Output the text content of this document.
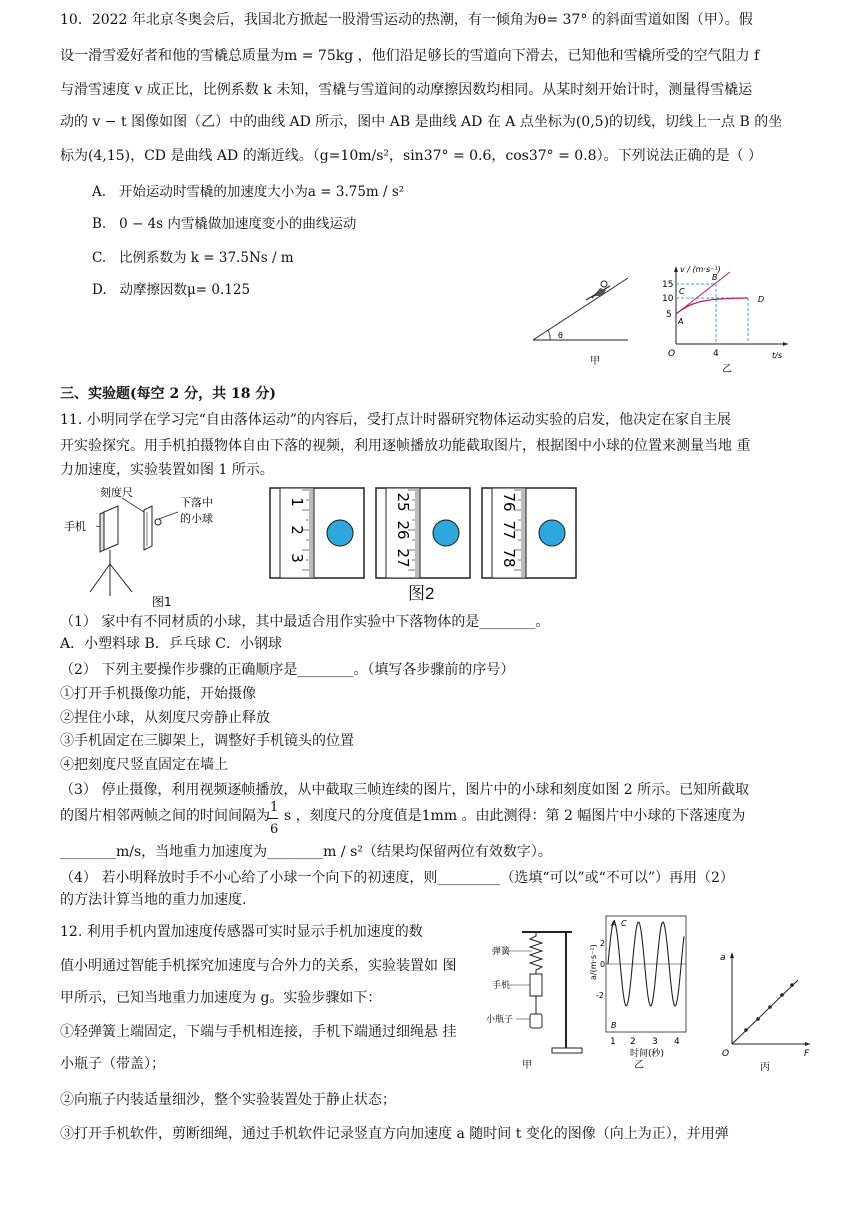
10．2022 年北京冬奥会后，我国北方掀起一股滑雪运动的热潮，有一倾角为θ= 37° 的斜面雪道如图（甲）。假
设一滑雪爱好者和他的雪橇总质量为m = 75kg ，他们沿足够长的雪道向下滑去，已知他和雪橇所受的空气阻力 f
与滑雪速度 v 成正比，比例系数 k 未知，雪橇与雪道间的动摩擦因数均相同。从某时刻开始计时，测量得雪橇运
动的 v − t 图像如图（乙）中的曲线 AD 所示，图中 AB 是曲线 AD 在 A 点坐标为(0,5)的切线，切线上一点 B 的坐
标为(4,15)，CD 是曲线 AD 的渐近线。（g=10m/s²，sin37° = 0.6，cos37° = 0.8）。下列说法正确的是（ ）
A. 开始运动时雪橇的加速度大小为a = 3.75m / s²
B. 0 − 4s 内雪橇做加速度变小的曲线运动
C. 比例系数为 k = 37.5Ns / m
D. 动摩擦因数μ= 0.125
θ
甲
15
10
5
4
O
v / (m·s⁻¹)
t/s
A
B
C
D
乙
三、实验题(每空 2 分，共 18 分)
11. 小明同学在学习完“自由落体运动”的内容后，受打点计时器研究物体运动实验的启发，他决定在家自主展
开实验探究。用手机拍摄物体自由下落的视频，利用逐帧播放功能截取图片，根据图中小球的位置来测量当地 重
力加速度，实验装置如图 1 所示。
刻度尺
下落中
的小球
手机
图1
1
2
3
25
26
27
76
77
78
图2
（1） 家中有不同材质的小球，其中最适合用作实验中下落物体的是________。
A．小塑料球 B．乒乓球 C．小钢球
（2） 下列主要操作步骤的正确顺序是________。（填写各步骤前的序号）
①打开手机摄像功能，开始摄像
②捏住小球，从刻度尺旁静止释放
③手机固定在三脚架上，调整好手机镜头的位置
④把刻度尺竖直固定在墙上
（3） 停止摄像，利用视频逐帧播放，从中截取三帧连续的图片，图片中的小球和刻度如图 2 所示。已知所截取
的图片相邻两帧之间的时间间隔为
1
6
s ，刻度尺的分度值是1mm 。由此测得：第 2 幅图片中小球的下落速度为
________m/s，当地重力加速度为________m / s²（结果均保留两位有效数字）。
（4） 若小明释放时手不小心给了小球一个向下的初速度，则_________（选填“可以”或“不可以”）再用（2）
的方法计算当地的重力加速度.
12. 利用手机内置加速度传感器可实时显示手机加速度的数
值小明通过智能手机探究加速度与合外力的关系，实验装置如 图
甲所示，已知当地重力加速度为 g。实验步骤如下：
①轻弹簧上端固定，下端与手机相连接，手机下端通过细绳悬 挂
小瓶子（带盖）；
②向瓶子内装适量细沙，整个实验装置处于静止状态；
③打开手机软件，剪断细绳，通过手机软件记录竖直方向加速度 a 随时间 t 变化的图像（向上为正），并用弹
弹簧
手机
小瓶子
甲
2
0
-2
a/(m·s⁻²)
1 2 3 4
时间(秒)
A C
B
乙
a
F
O
丙
